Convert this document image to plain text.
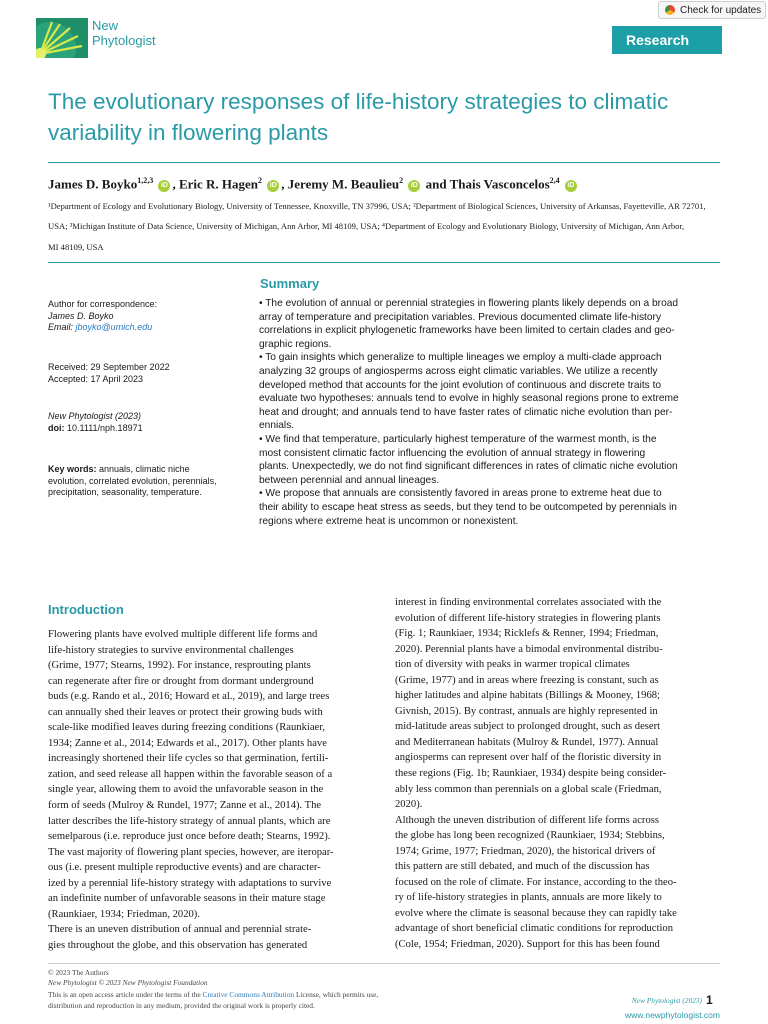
New
Phytologist
Check for updates
Research
The evolutionary responses of life-history strategies to climatic
variability in flowering plants
James D. Boyko$^{1,2,3}$ iD , Eric R. Hagen$^2$ iD , Jeremy M. Beaulieu$^2$ iD and Thais Vasconcelos$^{2,4}$ iD
¹Department of Ecology and Evolutionary Biology, University of Tennessee, Knoxville, TN 37996, USA; ²Department of Biological Sciences, University of Arkansas, Fayetteville, AR 72701,
USA; ³Michigan Institute of Data Science, University of Michigan, Ann Arbor, MI 48109, USA; ⁴Department of Ecology and Evolutionary Biology, University of Michigan, Ann Arbor,
MI 48109, USA
Author for correspondence:
James D. Boyko
Email: jboyko@umich.edu
Received: 29 September 2022
Accepted: 17 April 2023
New Phytologist (2023)
doi: 10.1111/nph.18971
Key words: annuals, climatic niche
evolution, correlated evolution, perennials,
precipitation, seasonality, temperature.
Summary
• The evolution of annual or perennial strategies in flowering plants likely depends on a broad
array of temperature and precipitation variables. Previous documented climate life-history
correlations in explicit phylogenetic frameworks have been limited to certain clades and geo-
graphic regions.
• To gain insights which generalize to multiple lineages we employ a multi-clade approach
analyzing 32 groups of angiosperms across eight climatic variables. We utilize a recently
developed method that accounts for the joint evolution of continuous and discrete traits to
evaluate two hypotheses: annuals tend to evolve in highly seasonal regions prone to extreme
heat and drought; and annuals tend to have faster rates of climatic niche evolution than per-
ennials.
• We find that temperature, particularly highest temperature of the warmest month, is the
most consistent climatic factor influencing the evolution of annual strategy in flowering
plants. Unexpectedly, we do not find significant differences in rates of climatic niche evolution
between perennial and annual lineages.
• We propose that annuals are consistently favored in areas prone to extreme heat due to
their ability to escape heat stress as seeds, but they tend to be outcompeted by perennials in
regions where extreme heat is uncommon or nonexistent.
Introduction
Flowering plants have evolved multiple different life forms and
life-history strategies to survive environmental challenges
(Grime, 1977; Stearns, 1992). For instance, resprouting plants
can regenerate after fire or drought from dormant underground
buds (e.g. Rando et al., 2016; Howard et al., 2019), and large trees
can annually shed their leaves or protect their growing buds with
scale-like modified leaves during freezing conditions (Raunkiaer,
1934; Zanne et al., 2014; Edwards et al., 2017). Other plants have
increasingly shortened their life cycles so that germination, fertili-
zation, and seed release all happen within the favorable season of a
single year, allowing them to avoid the unfavorable season in the
form of seeds (Mulroy & Rundel, 1977; Zanne et al., 2014). The
latter describes the life-history strategy of annual plants, which are
semelparous (i.e. reproduce just once before death; Stearns, 1992).
The vast majority of flowering plant species, however, are iteropar-
ous (i.e. present multiple reproductive events) and are character-
ized by a perennial life-history strategy with adaptations to survive
an indefinite number of unfavorable seasons in their mature stage
(Raunkiaer, 1934; Friedman, 2020).
There is an uneven distribution of annual and perennial strate-
gies throughout the globe, and this observation has generated
interest in finding environmental correlates associated with the
evolution of different life-history strategies in flowering plants
(Fig. 1; Raunkiaer, 1934; Ricklefs & Renner, 1994; Friedman,
2020). Perennial plants have a bimodal environmental distribu-
tion of diversity with peaks in warmer tropical climates
(Grime, 1977) and in areas where freezing is constant, such as
higher latitudes and alpine habitats (Billings & Mooney, 1968;
Givnish, 2015). By contrast, annuals are highly represented in
mid-latitude areas subject to prolonged drought, such as desert
and Mediterranean habitats (Mulroy & Rundel, 1977). Annual
angiosperms can represent over half of the floristic diversity in
these regions (Fig. 1b; Raunkiaer, 1934) despite being consider-
ably less common than perennials on a global scale (Friedman,
2020).
Although the uneven distribution of different life forms across
the globe has long been recognized (Raunkiaer, 1934; Stebbins,
1974; Grime, 1977; Friedman, 2020), the historical drivers of
this pattern are still debated, and much of the discussion has
focused on the role of climate. For instance, according to the theo-
ry of life-history strategies in plants, annuals are more likely to
evolve where the climate is seasonal because they can rapidly take
advantage of short beneficial climatic conditions for reproduction
(Cole, 1954; Friedman, 2020). Support for this has been found
© 2023 The Authors
New Phytologist © 2023 New Phytologist Foundation
This is an open access article under the terms of the Creative Commons Attribution License, which permits use,
distribution and reproduction in any medium, provided the original work is properly cited.
New Phytologist (2023) 1
www.newphytologist.com
